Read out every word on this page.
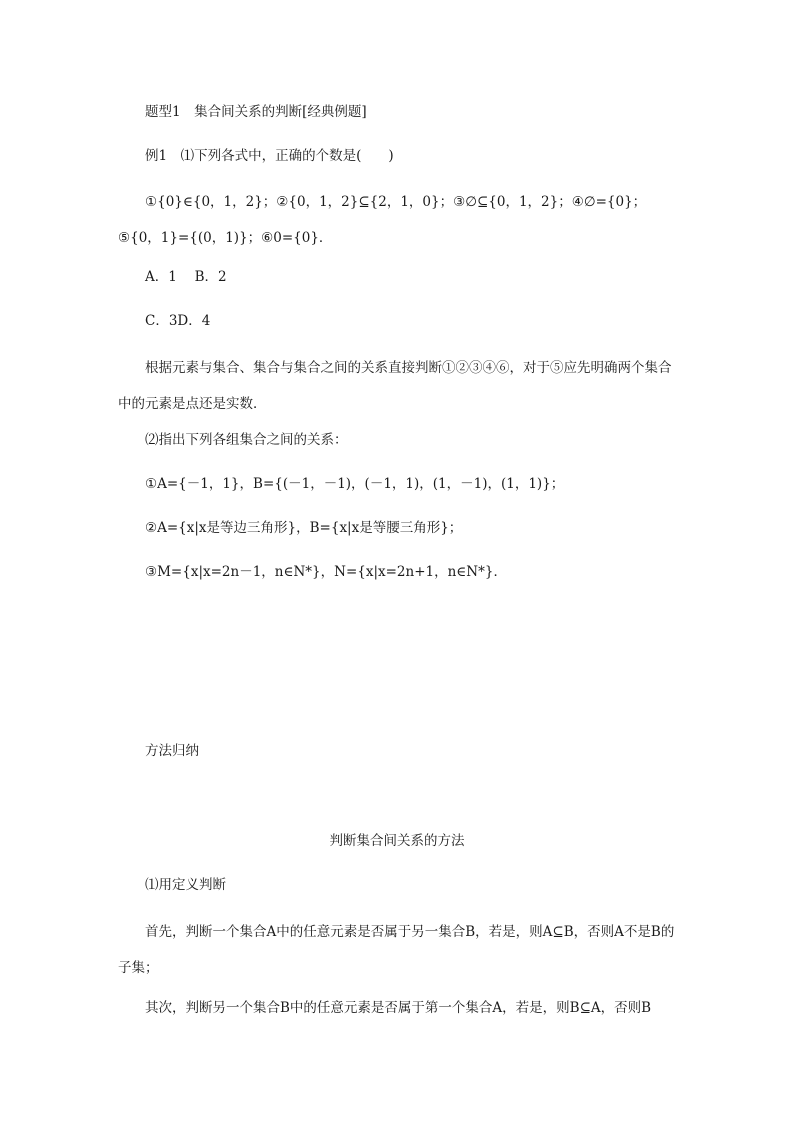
题型1　集合间关系的判断[经典例题]
例1　⑴下列各式中，正确的个数是(　　)
①{0}∈{0，1，2}；②{0，1，2}⊆{2，1，0}；③∅⊆{0，1，2}；④∅={0}；⑤{0，1}={(0，1)}；⑥0={0}．
A．1　 B．2
C．3D．4
根据元素与集合、集合与集合之间的关系直接判断①②③④⑥，对于⑤应先明确两个集合中的元素是点还是实数．
⑵指出下列各组集合之间的关系：
①A={－1，1}，B={(－1，－1)，(－1，1)，(1，－1)，(1，1)}；
②A={x|x是等边三角形}，B={x|x是等腰三角形}；
③M={x|x=2n－1，n∈N*}，N={x|x=2n+1，n∈N*}．
方法归纳
判断集合间关系的方法
⑴用定义判断
首先，判断一个集合A中的任意元素是否属于另一集合B，若是，则A⊆B，否则A不是B的子集；
其次，判断另一个集合B中的任意元素是否属于第一个集合A，若是，则B⊆A，否则B
